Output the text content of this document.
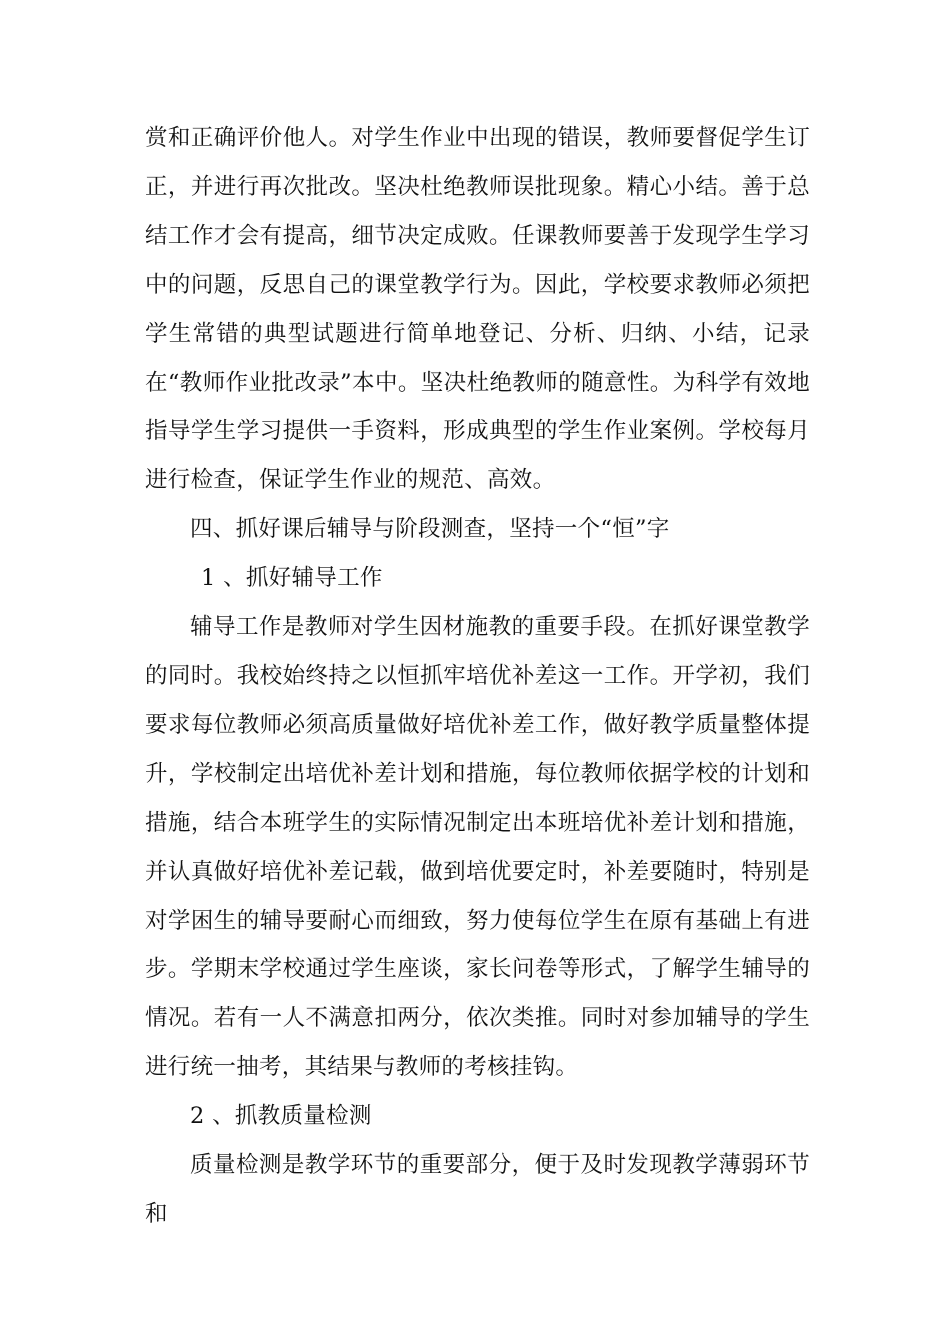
赏和正确评价他人。对学生作业中出现的错误，教师要督促学生订正，并进行再次批改。坚决杜绝教师误批现象。精心小结。善于总结工作才会有提高，细节决定成败。任课教师要善于发现学生学习中的问题，反思自己的课堂教学行为。因此，学校要求教师必须把学生常错的典型试题进行简单地登记、分析、归纳、小结，记录在“教师作业批改录”本中。坚决杜绝教师的随意性。为科学有效地指导学生学习提供一手资料，形成典型的学生作业案例。学校每月进行检查，保证学生作业的规范、高效。

四、抓好课后辅导与阶段测查，坚持一个“恒”字

1 、抓好辅导工作

辅导工作是教师对学生因材施教的重要手段。在抓好课堂教学的同时。我校始终持之以恒抓牢培优补差这一工作。开学初，我们要求每位教师必须高质量做好培优补差工作，做好教学质量整体提升，学校制定出培优补差计划和措施，每位教师依据学校的计划和措施，结合本班学生的实际情况制定出本班培优补差计划和措施，并认真做好培优补差记载，做到培优要定时，补差要随时，特别是对学困生的辅导要耐心而细致，努力使每位学生在原有基础上有进步。学期末学校通过学生座谈，家长问卷等形式，了解学生辅导的情况。若有一人不满意扣两分，依次类推。同时对参加辅导的学生进行统一抽考，其结果与教师的考核挂钩。

2 、抓教质量检测

质量检测是教学环节的重要部分，便于及时发现教学薄弱环节和
